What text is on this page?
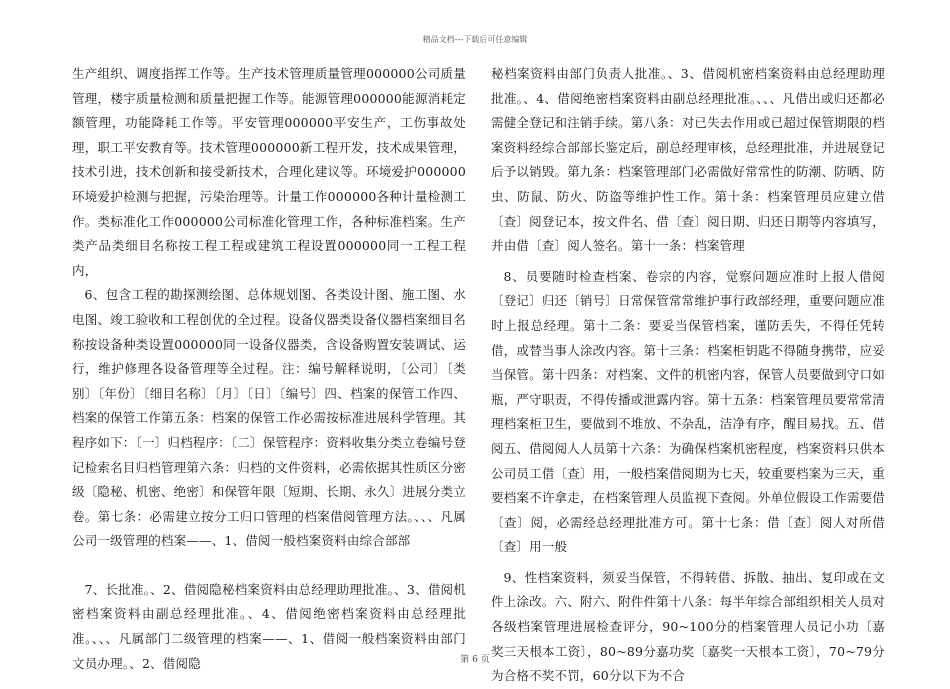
精品文档---下载后可任意编辑

生产组织、调度指挥工作等。生产技术管理质量管理000000公司质量管理，楼宇质量检测和质量把握工作等。能源管理000000能源消耗定额管理，功能降耗工作等。平安管理000000平安生产，工伤事故处理，职工平安教育等。技术管理000000新工程开发，技术成果管理，技术引进，技术创新和接受新技术，合理化建议等。环境爱护000000环境爱护检测与把握，污染治理等。计量工作000000各种计量检测工作。类标准化工作000000公司标准化管理工作，各种标准档案。生产类产品类细目名称按工程工程或建筑工程设置000000同一工程工程内，

6、包含工程的勘探测绘图、总体规划图、各类设计图、施工图、水电图、竣工验收和工程创优的全过程。设备仪器类设备仪器档案细目名称按设备种类设置000000同一设备仪器类，含设备购置安装调试、运行，维护修理各设备管理等全过程。注：编号解释说明，〔公司〕〔类别〕〔年份〕〔细目名称〕〔月〕〔日〕〔编号〕四、档案的保管工作四、档案的保管工作第五条：档案的保管工作必需按标准进展科学管理。其程序如下：〔一〕归档程序：〔二〕保管程序：资料收集分类立卷编号登记检索名目归档管理第六条：归档的文件资料，必需依据其性质区分密级〔隐秘、机密、绝密〕和保管年限〔短期、长期、永久〕进展分类立卷。第七条：必需建立按分工归口管理的档案借阅管理方法。、、、凡属公司一级管理的档案——、1、借阅一般档案资料由综合部部

7、长批准。、2、借阅隐秘档案资料由总经理助理批准。、3、借阅机密档案资料由副总经理批准。、4、借阅绝密档案资料由总经理批准。、、、凡属部门二级管理的档案——、1、借阅一般档案资料由部门文员办理。、2、借阅隐

秘档案资料由部门负责人批准。、3、借阅机密档案资料由总经理助理批准。、4、借阅绝密档案资料由副总经理批准。、、、凡借出或归还都必需健全登记和注销手续。第八条：对已失去作用或已超过保管期限的档案资料经综合部部长鉴定后，副总经理审核，总经理批准，并进展登记后予以销毁。第九条：档案管理部门必需做好常常性的防潮、防晒、防虫、防鼠、防火、防盗等维护性工作。第十条：档案管理员应建立借〔查〕阅登记本，按文件名、借〔查〕阅日期、归还日期等内容填写，并由借〔查〕阅人签名。第十一条：档案管理

8、员要随时检查档案、卷宗的内容，觉察问题应准时上报人借阅〔登记〕归还〔销号〕日常保管常常维护事行政部经理，重要问题应准时上报总经理。第十二条：要妥当保管档案，谨防丢失，不得任凭转借，或替当事人涂改内容。第十三条：档案柜钥匙不得随身携带，应妥当保管。第十四条：对档案、文件的机密内容，保管人员要做到守口如瓶，严守职责，不得传播或泄露内容。第十五条：档案管理员要常常清理档案柜卫生，要做到不堆放、不杂乱，洁净有序，醒目易找。五、借阅五、借阅阅人人员第十六条：为确保档案机密程度，档案资料只供本公司员工借〔查〕用，一般档案借阅期为七天，较重要档案为三天，重要档案不许拿走，在档案管理人员监视下查阅。外单位假设工作需要借〔查〕阅，必需经总经理批准方可。第十七条：借〔查〕阅人对所借〔查〕用一般

9、性档案资料，须妥当保管，不得转借、拆散、抽出、复印或在文件上涂改。六、附六、附件件第十八条：每半年综合部组织相关人员对各级档案管理进展检查评分，90~100分的档案管理人员记小功〔嘉奖三天根本工资〕，80~89分嘉功奖〔嘉奖一天根本工资〕，70~79分为合格不奖不罚，60分以下为不合

第 6 页
